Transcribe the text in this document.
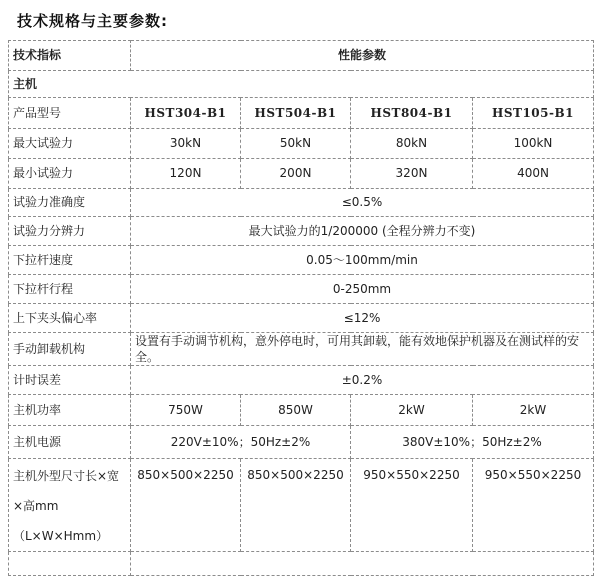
技术规格与主要参数:
技术指标	性能参数			
主机				
产品型号	HST304-B1	HST504-B1	HST804-B1	HST105-B1
最大试验力	30kN	50kN	80kN	100kN
最小试验力	120N	200N	320N	400N
试验力准确度	≤0.5%			
试验力分辨力	最大试验力的1/200000 (全程分辨力不变)			
下拉杆速度	0.05～100mm/min			
下拉杆行程	0-250mm			
上下夹头偏心率	≤12%			
手动卸载机构	设置有手动调节机构，意外停电时，可用其卸载，能有效地保护机器及在测试样的安全。			
计时误差	±0.2%			
主机功率	750W	850W	2kW	2kW
主机电源	220V±10%；50Hz±2%		380V±10%；50Hz±2%	
主机外型尺寸长×宽×高mm（L×W×Hmm）	850×500×2250	850×500×2250	950×550×2250	950×550×2250
